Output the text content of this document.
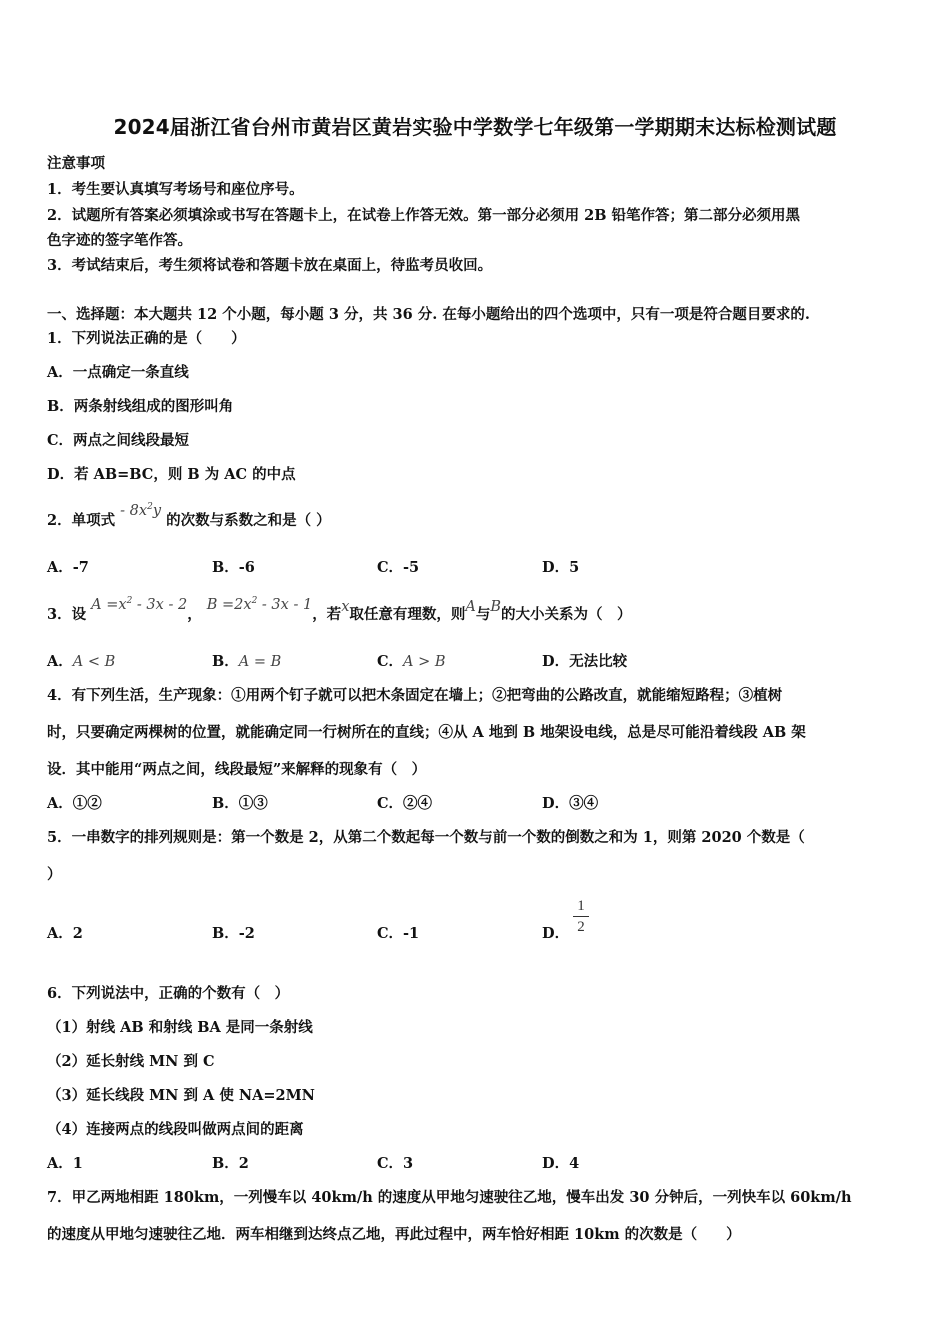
2024届浙江省台州市黄岩区黄岩实验中学数学七年级第一学期期末达标检测试题
注意事项
1．考生要认真填写考场号和座位序号。
2．试题所有答案必须填涂或书写在答题卡上，在试卷上作答无效。第一部分必须用 2B 铅笔作答；第二部分必须用黑
色字迹的签字笔作答。
3．考试结束后，考生须将试卷和答题卡放在桌面上，待监考员收回。
一、选择题：本大题共 12 个小题，每小题 3 分，共 36 分. 在每小题给出的四个选项中，只有一项是符合题目要求的.
1．下列说法正确的是（　　）
A．一点确定一条直线
B．两条射线组成的图形叫角
C．两点之间线段最短
D．若 AB=BC，则 B 为 AC 的中点
2．单项式 - $8x^2y$ 的次数与系数之和是（ ）
A．-7	B．-6	C．-5	D．5
3．设 $A =x^2 - 3x - 2$， $B =2x^2 - 3x - 1$，若x取任意有理数，则A与B的大小关系为（　）
A．A < B	B．A = B	C．A > B	D．无法比较
4．有下列生活，生产现象：①用两个钉子就可以把木条固定在墙上；②把弯曲的公路改直，就能缩短路程；③植树
时，只要确定两棵树的位置，就能确定同一行树所在的直线；④从 A 地到 B 地架设电线，总是尽可能沿着线段 AB 架
设．其中能用“两点之间，线段最短”来解释的现象有（　）
A．①②	B．①③	C．②④	D．③④
5．一串数字的排列规则是：第一个数是 2，从第二个数起每一个数与前一个数的倒数之和为 1，则第 2020 个数是（
）
A．2	B．-2	C．-1	D．
1
2
6．下列说法中，正确的个数有（　）
（1）射线 AB 和射线 BA 是同一条射线
（2）延长射线 MN 到 C
（3）延长线段 MN 到 A 使 NA=2MN
（4）连接两点的线段叫做两点间的距离
A．1	B．2	C．3	D．4
7．甲乙两地相距 180km，一列慢车以 40km/h 的速度从甲地匀速驶往乙地，慢车出发 30 分钟后，一列快车以 60km/h
的速度从甲地匀速驶往乙地．两车相继到达终点乙地，再此过程中，两车恰好相距 10km 的次数是（　　）
